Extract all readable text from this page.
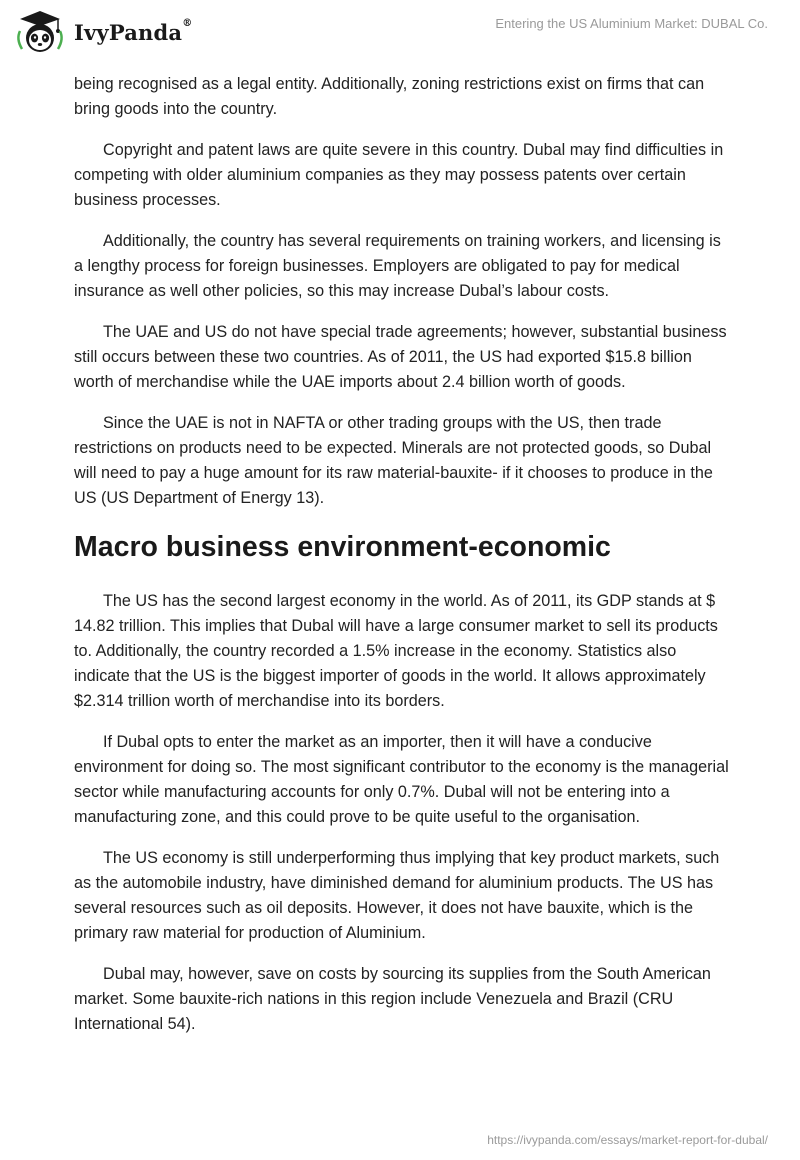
IvyPanda®	Entering the US Aluminium Market: DUBAL Co.

being recognised as a legal entity. Additionally, zoning restrictions exist on firms that can bring goods into the country.

Copyright and patent laws are quite severe in this country. Dubal may find difficulties in competing with older aluminium companies as they may possess patents over certain business processes.

Additionally, the country has several requirements on training workers, and licensing is a lengthy process for foreign businesses. Employers are obligated to pay for medical insurance as well other policies, so this may increase Dubal’s labour costs.

The UAE and US do not have special trade agreements; however, substantial business still occurs between these two countries. As of 2011, the US had exported $15.8 billion worth of merchandise while the UAE imports about 2.4 billion worth of goods.

Since the UAE is not in NAFTA or other trading groups with the US, then trade restrictions on products need to be expected. Minerals are not protected goods, so Dubal will need to pay a huge amount for its raw material-bauxite- if it chooses to produce in the US (US Department of Energy 13).

Macro business environment-economic

The US has the second largest economy in the world. As of 2011, its GDP stands at $ 14.82 trillion. This implies that Dubal will have a large consumer market to sell its products to. Additionally, the country recorded a 1.5% increase in the economy. Statistics also indicate that the US is the biggest importer of goods in the world. It allows approximately $2.314 trillion worth of merchandise into its borders.

If Dubal opts to enter the market as an importer, then it will have a conducive environment for doing so. The most significant contributor to the economy is the managerial sector while manufacturing accounts for only 0.7%. Dubal will not be entering into a manufacturing zone, and this could prove to be quite useful to the organisation.

The US economy is still underperforming thus implying that key product markets, such as the automobile industry, have diminished demand for aluminium products. The US has several resources such as oil deposits. However, it does not have bauxite, which is the primary raw material for production of Aluminium.

Dubal may, however, save on costs by sourcing its supplies from the South American market. Some bauxite-rich nations in this region include Venezuela and Brazil (CRU International 54).

https://ivypanda.com/essays/market-report-for-dubal/
